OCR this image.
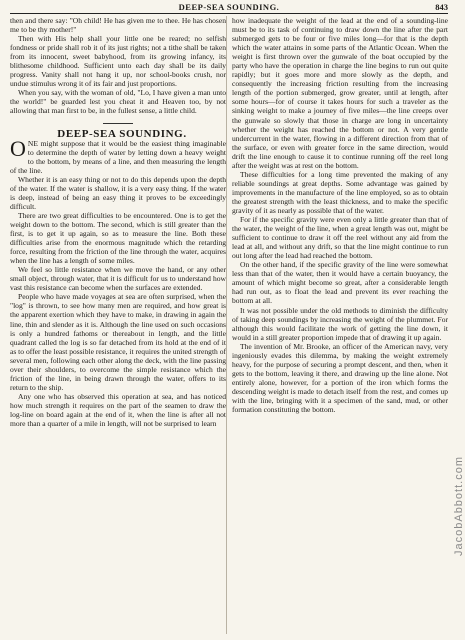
DEEP-SEA SOUNDING.	843

then and there say: "Oh child! He has given me to thee. He has chosen me to be thy mother!"

Then with His help shall your little one be reared; no selfish fondness or pride shall rob it of its just rights; not a tithe shall be taken from its innocent, sweet babyhood, from its growing infancy, its blithesome childhood. Sufficient unto each day shall be its daily progress. Vanity shall not hang it up, nor school-books crush, nor undue stimulus wrong it of its fair and just proportions.

When you say, with the woman of old, "Lo, I have given a man unto the world!" be guarded lest you cheat it and Heaven too, by not allowing that man first to be, in the fullest sense, a little child.

DEEP-SEA SOUNDING.

ONE might suppose that it would be the easiest thing imaginable to determine the depth of water by letting down a heavy weight to the bottom, by means of a line, and then measuring the length of the line.

Whether it is an easy thing or not to do this depends upon the depth of the water. If the water is shallow, it is a very easy thing. If the water is deep, instead of being an easy thing it proves to be exceedingly difficult.

There are two great difficulties to be encountered. One is to get the weight down to the bottom. The second, which is still greater than the first, is to get it up again, so as to measure the line. Both these difficulties arise from the enormous magnitude which the retarding force, resulting from the friction of the line through the water, acquires when the line has a length of some miles.

We feel so little resistance when we move the hand, or any other small object, through water, that it is difficult for us to understand how vast this resistance can become when the surfaces are extended.

People who have made voyages at sea are often surprised, when the "log" is thrown, to see how many men are required, and how great is the apparent exertion which they have to make, in drawing in again the line, thin and slender as it is. Although the line used on such occasions is only a hundred fathoms or thereabout in length, and the little quadrant called the log is so far detached from its hold at the end of it as to offer the least possible resistance, it requires the united strength of several men, following each other along the deck, with the line passing over their shoulders, to overcome the simple resistance which the friction of the line, in being drawn through the water, offers to its return to the ship.

Any one who has observed this operation at sea, and has noticed how much strength it requires on the part of the seamen to draw the log-line on board again at the end of it, when the line is after all not more than a quarter of a mile in length, will not be surprised to learn

how inadequate the weight of the lead at the end of a sounding-line must be to its task of continuing to draw down the line after the part submerged gets to be four or five miles long—for that is the depth which the water attains in some parts of the Atlantic Ocean. When the weight is first thrown over the gunwale of the boat occupied by the party who have the operation in charge the line begins to run out quite rapidly; but it goes more and more slowly as the depth, and consequently the increasing friction resulting from the increasing length of the portion submerged, grow greater, until at length, after some hours—for of course it takes hours for such a traveler as the sinking weight to make a journey of five miles—the line creeps over the gunwale so slowly that those in charge are long in uncertainty whether the weight has reached the bottom or not. A very gentle undercurrent in the water, flowing in a different direction from that of the surface, or even with greater force in the same direction, would drift the line enough to cause it to continue running off the reel long after the weight was at rest on the bottom.

These difficulties for a long time prevented the making of any reliable soundings at great depths. Some advantage was gained by improvements in the manufacture of the line employed, so as to obtain the greatest strength with the least thickness, and to make the specific gravity of it as nearly as possible that of the water.

For if the specific gravity were even only a little greater than that of the water, the weight of the line, when a great length was out, might be sufficient to continue to draw it off the reel without any aid from the lead at all, and without any drift, so that the line might continue to run out long after the lead had reached the bottom.

On the other hand, if the specific gravity of the line were somewhat less than that of the water, then it would have a certain buoyancy, the amount of which might become so great, after a considerable length had run out, as to float the lead and prevent its ever reaching the bottom at all.

It was not possible under the old methods to diminish the difficulty of taking deep soundings by increasing the weight of the plummet. For although this would facilitate the work of getting the line down, it would in a still greater proportion impede that of drawing it up again.

The invention of Mr. Brooke, an officer of the American navy, very ingeniously evades this dilemma, by making the weight extremely heavy, for the purpose of securing a prompt descent, and then, when it gets to the bottom, leaving it there, and drawing up the line alone. Not entirely alone, however, for a portion of the iron which forms the descending weight is made to detach itself from the rest, and comes up with the line, bringing with it a specimen of the sand, mud, or other formation constituting the bottom.

JacobAbbott.com
